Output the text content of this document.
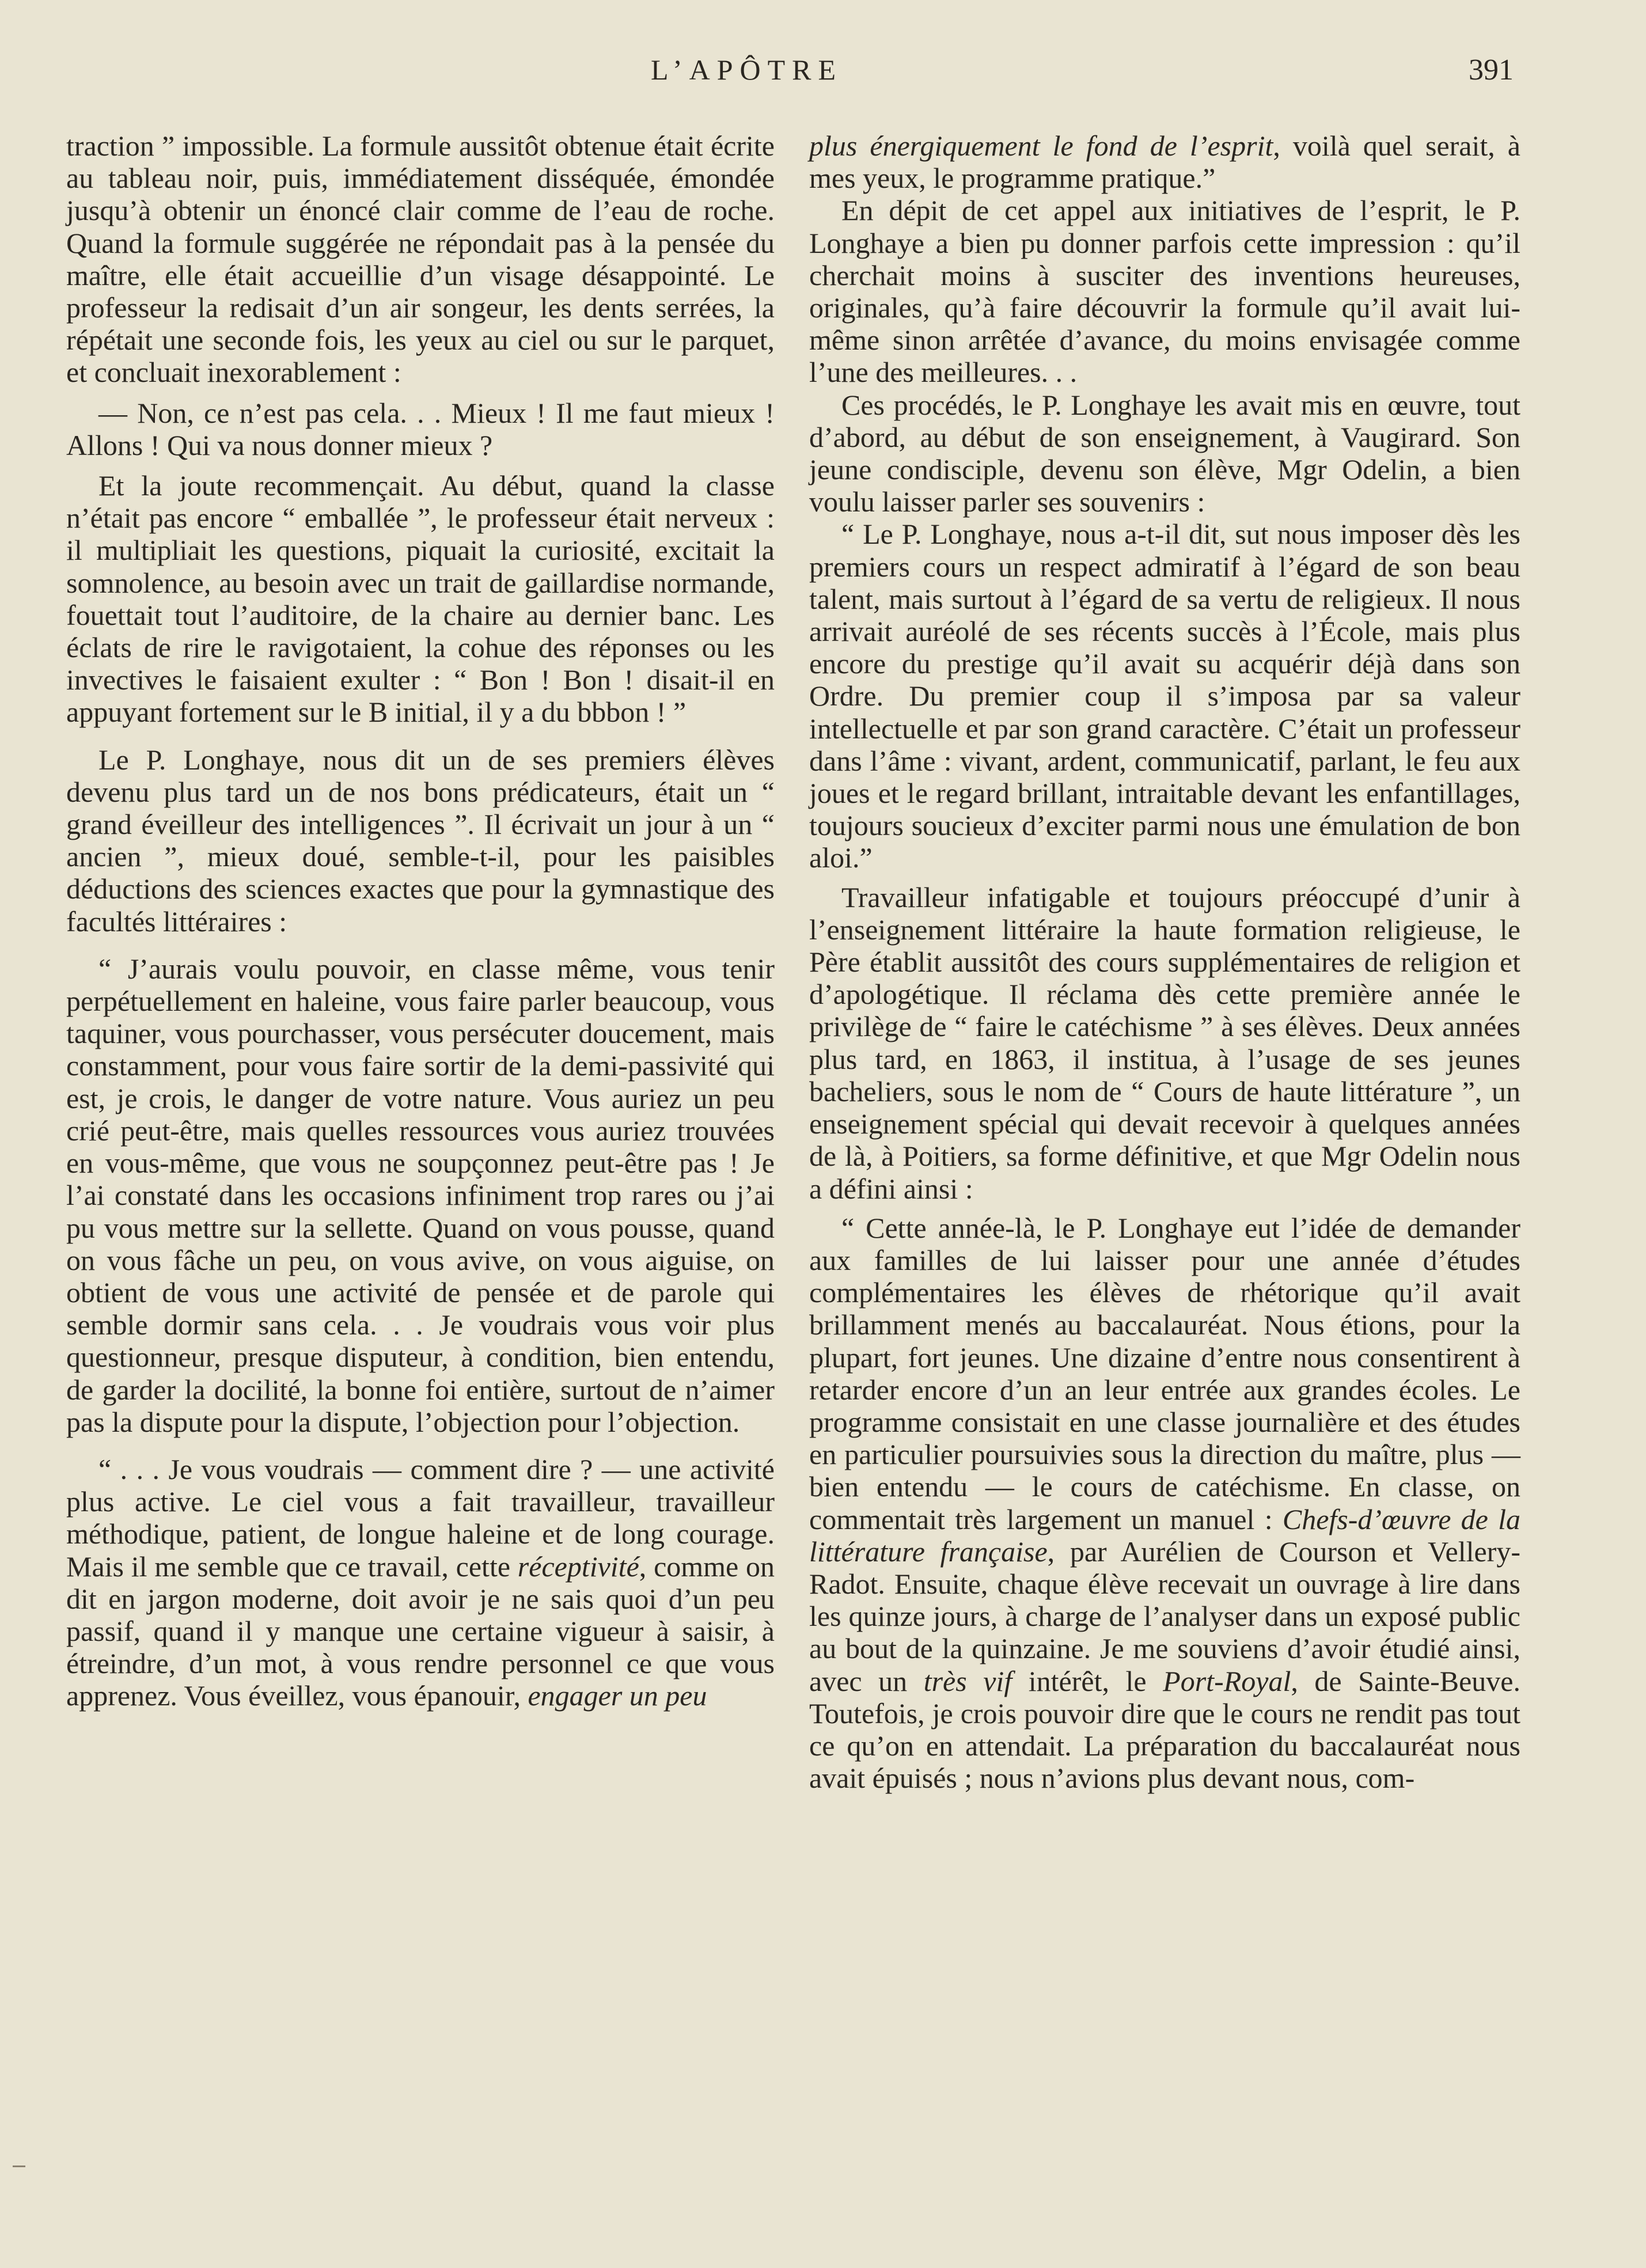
L’APÔTRE	391

traction ” impossible. La formule aussitôt obtenue était écrite au tableau noir, puis, immédiatement disséquée, émondée jusqu’à obtenir un énoncé clair comme de l’eau de roche. Quand la formule suggérée ne répondait pas à la pensée du maître, elle était accueillie d’un visage désappointé. Le professeur la redisait d’un air songeur, les dents serrées, la répétait une seconde fois, les yeux au ciel ou sur le parquet, et concluait inexorablement :

— Non, ce n’est pas cela. . . Mieux ! Il me faut mieux ! Allons ! Qui va nous donner mieux ?

Et la joute recommençait. Au début, quand la classe n’était pas encore “ emballée ”, le professeur était nerveux : il multipliait les questions, piquait la curiosité, excitait la somnolence, au besoin avec un trait de gaillardise normande, fouettait tout l’auditoire, de la chaire au dernier banc. Les éclats de rire le ravigotaient, la cohue des réponses ou les invectives le faisaient exulter : “ Bon ! Bon ! disait-il en appuyant fortement sur le B initial, il y a du bbbon ! ”

Le P. Longhaye, nous dit un de ses premiers élèves devenu plus tard un de nos bons prédicateurs, était un “ grand éveilleur des intelligences ”. Il écrivait un jour à un “ ancien ”, mieux doué, semble-t-il, pour les paisibles déductions des sciences exactes que pour la gymnastique des facultés littéraires :

“ J’aurais voulu pouvoir, en classe même, vous tenir perpétuellement en haleine, vous faire parler beaucoup, vous taquiner, vous pourchasser, vous persécuter doucement, mais constamment, pour vous faire sortir de la demi-passivité qui est, je crois, le danger de votre nature. Vous auriez un peu crié peut-être, mais quelles ressources vous auriez trouvées en vous-même, que vous ne soupçonnez peut-être pas ! Je l’ai constaté dans les occasions infiniment trop rares ou j’ai pu vous mettre sur la sellette. Quand on vous pousse, quand on vous fâche un peu, on vous avive, on vous aiguise, on obtient de vous une activité de pensée et de parole qui semble dormir sans cela. . . Je voudrais vous voir plus questionneur, presque disputeur, à condition, bien entendu, de garder la docilité, la bonne foi entière, surtout de n’aimer pas la dispute pour la dispute, l’objection pour l’objection.

“ . . . Je vous voudrais — comment dire ? — une activité plus active. Le ciel vous a fait travailleur, travailleur méthodique, patient, de longue haleine et de long courage. Mais il me semble que ce travail, cette réceptivité, comme on dit en jargon moderne, doit avoir je ne sais quoi d’un peu passif, quand il y manque une certaine vigueur à saisir, à étreindre, d’un mot, à vous rendre personnel ce que vous apprenez. Vous éveillez, vous épanouir, engager un peu

plus énergiquement le fond de l’esprit, voilà quel serait, à mes yeux, le programme pratique.”

En dépit de cet appel aux initiatives de l’esprit, le P. Longhaye a bien pu donner parfois cette impression : qu’il cherchait moins à susciter des inventions heureuses, originales, qu’à faire découvrir la formule qu’il avait lui-même sinon arrêtée d’avance, du moins envisagée comme l’une des meilleures. . .

Ces procédés, le P. Longhaye les avait mis en œuvre, tout d’abord, au début de son enseignement, à Vaugirard. Son jeune condisciple, devenu son élève, Mgr Odelin, a bien voulu laisser parler ses souvenirs :

“ Le P. Longhaye, nous a-t-il dit, sut nous imposer dès les premiers cours un respect admiratif à l’égard de son beau talent, mais surtout à l’égard de sa vertu de religieux. Il nous arrivait auréolé de ses récents succès à l’École, mais plus encore du prestige qu’il avait su acquérir déjà dans son Ordre. Du premier coup il s’imposa par sa valeur intellectuelle et par son grand caractère. C’était un professeur dans l’âme : vivant, ardent, communicatif, parlant, le feu aux joues et le regard brillant, intraitable devant les enfantillages, toujours soucieux d’exciter parmi nous une émulation de bon aloi.”

Travailleur infatigable et toujours préoccupé d’unir à l’enseignement littéraire la haute formation religieuse, le Père établit aussitôt des cours supplémentaires de religion et d’apologétique. Il réclama dès cette première année le privilège de “ faire le catéchisme ” à ses élèves. Deux années plus tard, en 1863, il institua, à l’usage de ses jeunes bacheliers, sous le nom de “ Cours de haute littérature ”, un enseignement spécial qui devait recevoir à quelques années de là, à Poitiers, sa forme définitive, et que Mgr Odelin nous a défini ainsi :

“ Cette année-là, le P. Longhaye eut l’idée de demander aux familles de lui laisser pour une année d’études complémentaires les élèves de rhétorique qu’il avait brillamment menés au baccalauréat. Nous étions, pour la plupart, fort jeunes. Une dizaine d’entre nous consentirent à retarder encore d’un an leur entrée aux grandes écoles. Le programme consistait en une classe journalière et des études en particulier poursuivies sous la direction du maître, plus — bien entendu — le cours de catéchisme. En classe, on commentait très largement un manuel : Chefs-d’œuvre de la littérature française, par Aurélien de Courson et Vellery-Radot. Ensuite, chaque élève recevait un ouvrage à lire dans les quinze jours, à charge de l’analyser dans un exposé public au bout de la quinzaine. Je me souviens d’avoir étudié ainsi, avec un très vif intérêt, le Port-Royal, de Sainte-Beuve. Toutefois, je crois pouvoir dire que le cours ne rendit pas tout ce qu’on en attendait. La préparation du baccalauréat nous avait épuisés ; nous n’avions plus devant nous, com-
